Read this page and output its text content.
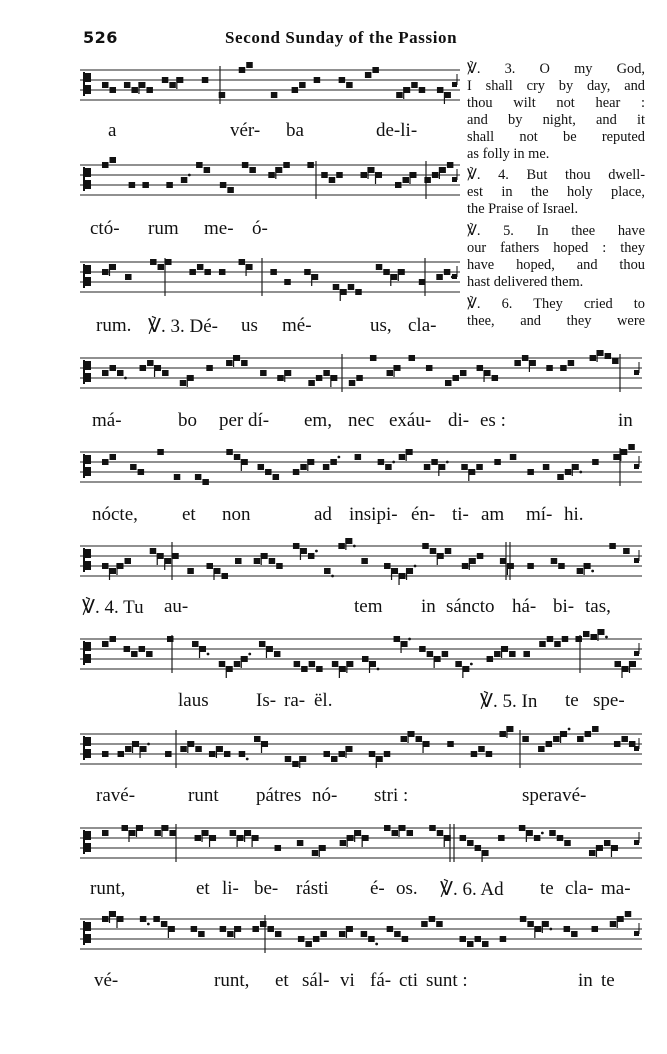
526	Second Sunday of the Passion
a	vér- ba	de-li-
ctó- rum me- ó-
rum. ℣. 3. Dé- us mé-	us, cla-
má-	bo per dí- em, nec exáu- di- es :	in
nócte, et non	ad insipi- én- ti- am mí- hi.
℣. 4. Tu au-	tem in sáncto há- bi- tas,
laus Is- ra- ël.	℣. 5. In te spe-
ravé-	runt pátres nó- stri :	speravé-
runt,	et li- be- rásti é- os. ℣. 6. Ad te cla- ma-
vé-	runt, et sál- vi fá- cti sunt :	in te

℣. 3. O my God,
I shall cry by day, and
thou wilt not hear :
and by night, and it
shall not be reputed
as folly in me.

℣. 4. But thou dwell-
est in the holy place,
the Praise of Israel.

℣. 5. In thee have
our fathers hoped : they
have hoped, and thou
hast delivered them.

℣. 6. They cried to
thee, and they were
